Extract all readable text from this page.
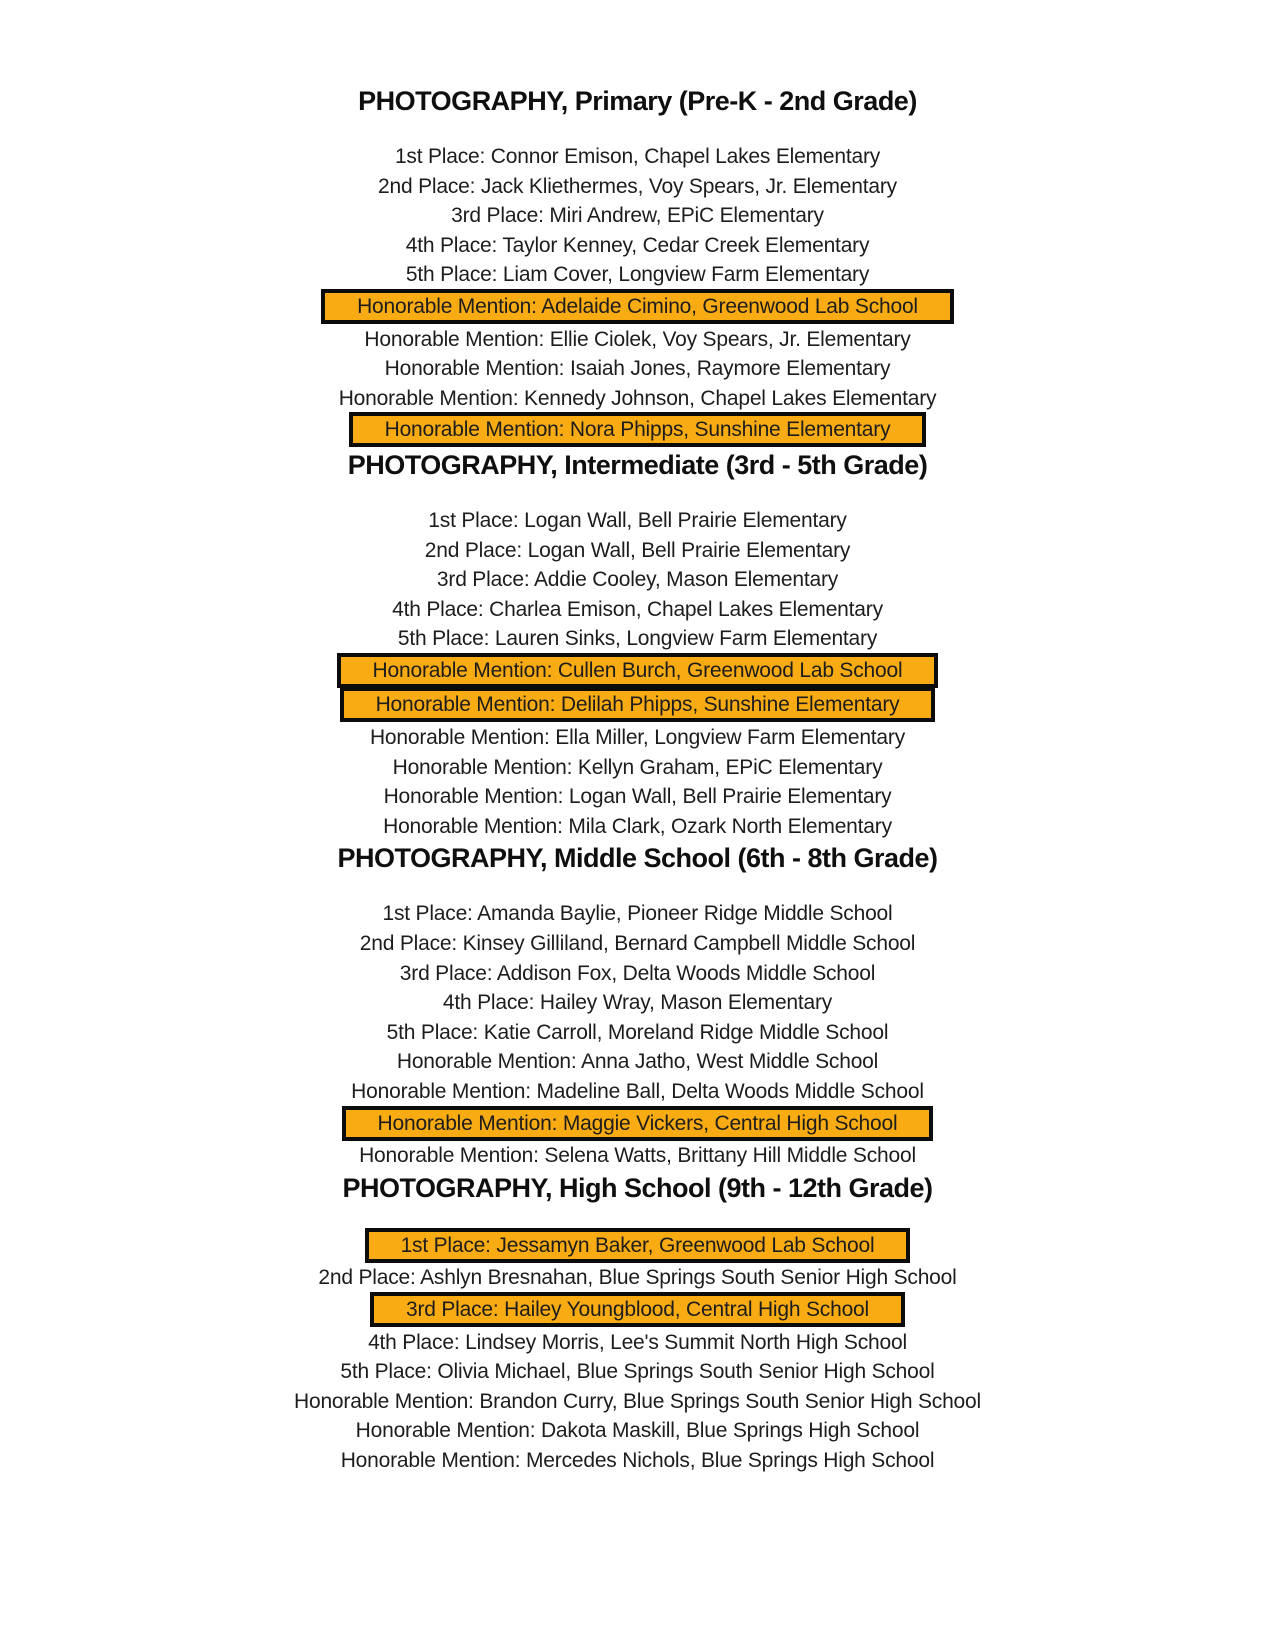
PHOTOGRAPHY, Primary (Pre-K - 2nd Grade)
1st Place: Connor Emison, Chapel Lakes Elementary
2nd Place: Jack Kliethermes, Voy Spears, Jr. Elementary
3rd Place: Miri Andrew, EPiC Elementary
4th Place: Taylor Kenney, Cedar Creek Elementary
5th Place: Liam Cover, Longview Farm Elementary
Honorable Mention: Adelaide Cimino, Greenwood Lab School
Honorable Mention: Ellie Ciolek, Voy Spears, Jr. Elementary
Honorable Mention: Isaiah Jones, Raymore Elementary
Honorable Mention: Kennedy Johnson, Chapel Lakes Elementary
Honorable Mention: Nora Phipps, Sunshine Elementary
PHOTOGRAPHY, Intermediate (3rd - 5th Grade)
1st Place: Logan Wall, Bell Prairie Elementary
2nd Place: Logan Wall, Bell Prairie Elementary
3rd Place: Addie Cooley, Mason Elementary
4th Place: Charlea Emison, Chapel Lakes Elementary
5th Place: Lauren Sinks, Longview Farm Elementary
Honorable Mention: Cullen Burch, Greenwood Lab School
Honorable Mention: Delilah Phipps, Sunshine Elementary
Honorable Mention: Ella Miller, Longview Farm Elementary
Honorable Mention: Kellyn Graham, EPiC Elementary
Honorable Mention: Logan Wall, Bell Prairie Elementary
Honorable Mention: Mila Clark, Ozark North Elementary
PHOTOGRAPHY, Middle School (6th - 8th Grade)
1st Place: Amanda Baylie, Pioneer Ridge Middle School
2nd Place: Kinsey Gilliland, Bernard Campbell Middle School
3rd Place: Addison Fox, Delta Woods Middle School
4th Place: Hailey Wray, Mason Elementary
5th Place: Katie Carroll, Moreland Ridge Middle School
Honorable Mention: Anna Jatho, West Middle School
Honorable Mention: Madeline Ball, Delta Woods Middle School
Honorable Mention: Maggie Vickers, Central High School
Honorable Mention: Selena Watts, Brittany Hill Middle School
PHOTOGRAPHY, High School (9th - 12th Grade)
1st Place: Jessamyn Baker, Greenwood Lab School
2nd Place: Ashlyn Bresnahan, Blue Springs South Senior High School
3rd Place: Hailey Youngblood, Central High School
4th Place: Lindsey Morris, Lee's Summit North High School
5th Place: Olivia Michael, Blue Springs South Senior High School
Honorable Mention: Brandon Curry, Blue Springs South Senior High School
Honorable Mention: Dakota Maskill, Blue Springs High School
Honorable Mention: Mercedes Nichols, Blue Springs High School
